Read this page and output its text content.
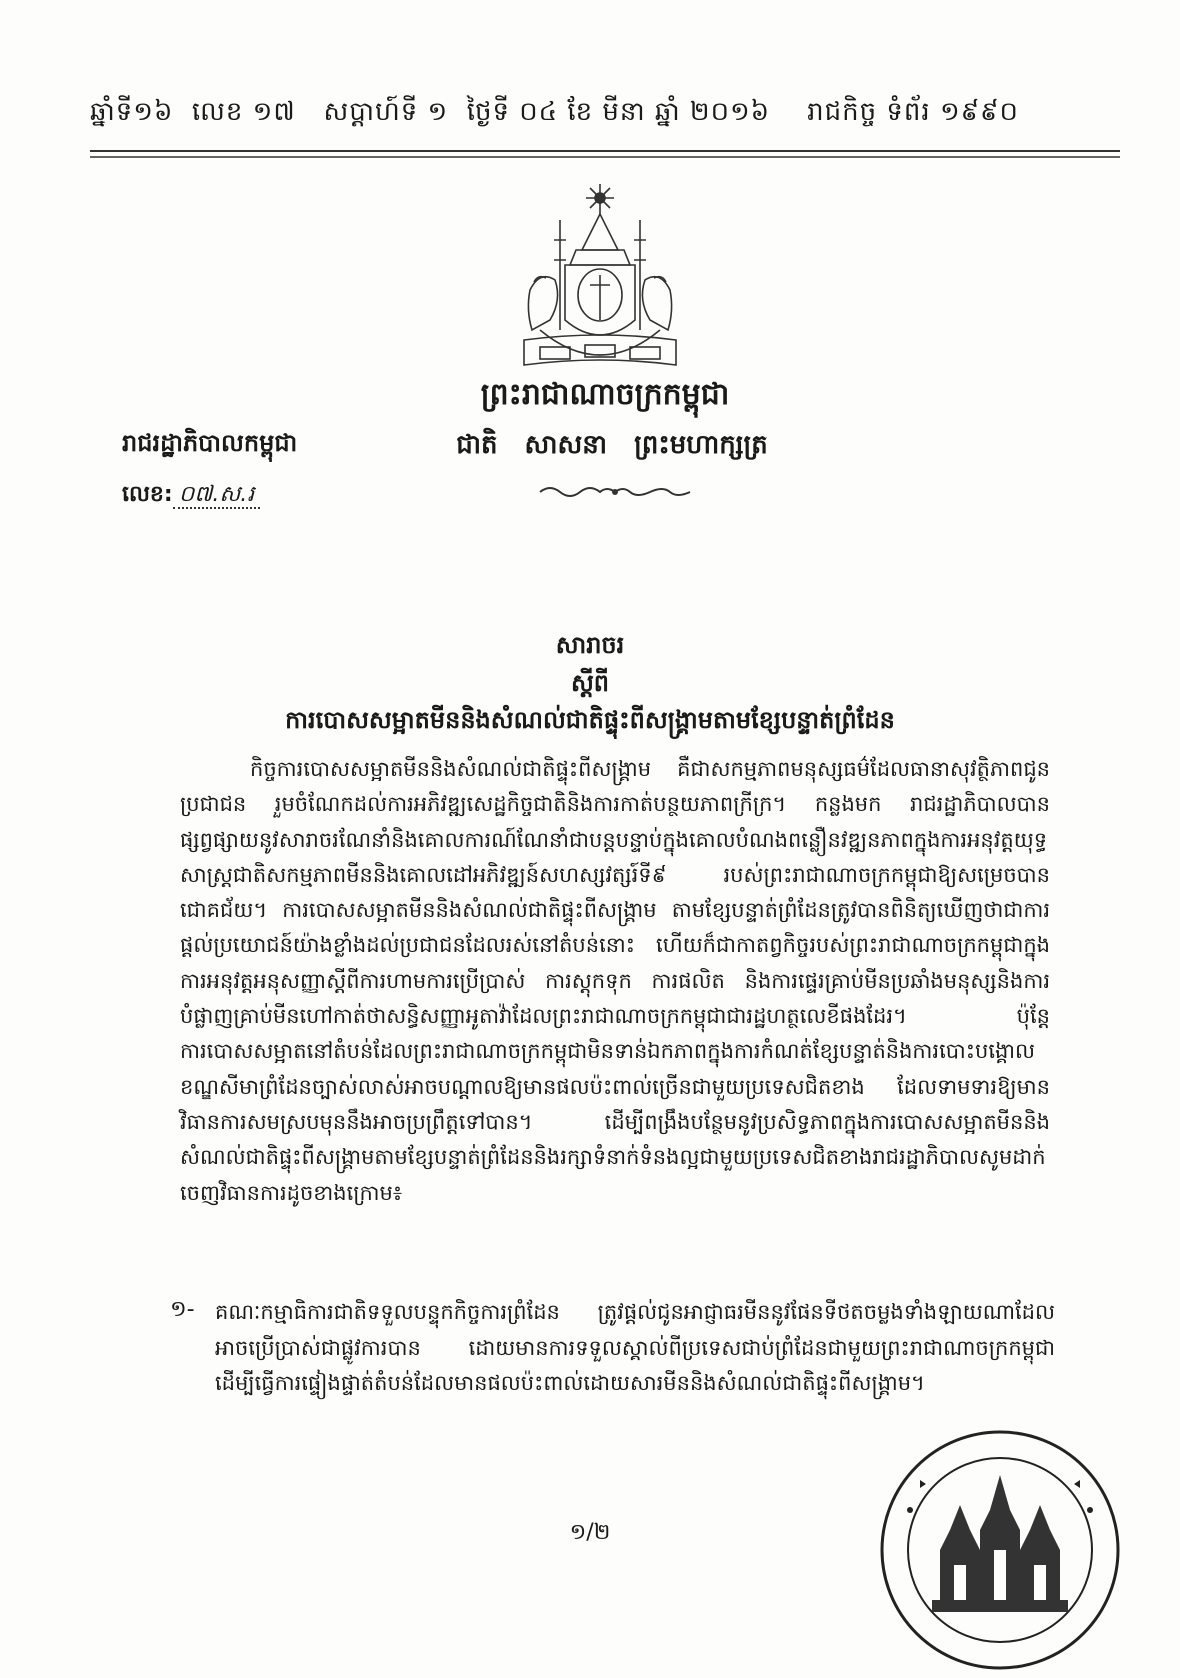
ឆ្នាំទី១៦ លេខ ១៧ សប្ដាហ៍ទី ១ ថ្ងៃទី ០៤ ខែ មីនា ឆ្នាំ ២០១៦ រាជកិច្ច ទំព័រ ១៩៩០
ព្រះរាជាណាចក្រកម្ពុជា
ជាតិ សាសនា ព្រះមហាក្សត្រ
រាជរដ្ឋាភិបាលកម្ពុជា
លេខ: ០៧.ស.រ
សារាចរ
ស្ដីពី
ការបោសសម្អាតមីននិងសំណល់ជាតិផ្ទុះពីសង្គ្រាមតាមខ្សែបន្ទាត់ព្រំដែន
កិច្ចការបោសសម្អាតមីននិងសំណល់ជាតិផ្ទុះពីសង្គ្រាម គឺជាសកម្មភាពមនុស្សធម៌ដែលធានាសុវត្ថិភាពជូនប្រជាជន រួមចំណែកដល់ការអភិវឌ្ឍសេដ្ឋកិច្ចជាតិនិងការកាត់បន្ថយភាពក្រីក្រ។ កន្លងមក រាជរដ្ឋាភិបាលបានផ្សព្វផ្សាយនូវសារាចរណែនាំនិងគោលការណ៍ណែនាំជាបន្តបន្ទាប់ក្នុងគោលបំណងពន្លឿនវឌ្ឍនភាពក្នុងការអនុវត្តយុទ្ធសាស្ត្រជាតិសកម្មភាពមីននិងគោលដៅអភិវឌ្ឍន៍សហស្សវត្សរ៍ទី៩ របស់ព្រះរាជាណាចក្រកម្ពុជាឱ្យសម្រេចបានជោគជ័យ។ ការបោសសម្អាតមីននិងសំណល់ជាតិផ្ទុះពីសង្គ្រាម តាមខ្សែបន្ទាត់ព្រំដែនត្រូវបានពិនិត្យឃើញថាជាការផ្ដល់ប្រយោជន៍យ៉ាងខ្លាំងដល់ប្រជាជនដែលរស់នៅតំបន់នោះ ហើយក៏ជាកាតព្វកិច្ចរបស់ព្រះរាជាណាចក្រកម្ពុជាក្នុងការអនុវត្តអនុសញ្ញាស្ដីពីការហាមការប្រើប្រាស់ ការស្តុកទុក ការផលិត និងការផ្ទេរគ្រាប់មីនប្រឆាំងមនុស្សនិងការបំផ្លាញគ្រាប់មីនហៅកាត់ថាសន្ធិសញ្ញាអូតាវ៉ាដែលព្រះរាជាណាចក្រកម្ពុជាជារដ្ឋហត្ថលេខីផងដែរ។ ប៉ុន្តែការបោសសម្អាតនៅតំបន់ដែលព្រះរាជាណាចក្រកម្ពុជាមិនទាន់ឯកភាពក្នុងការកំណត់ខ្សែបន្ទាត់និងការបោះបង្គោលខណ្ឌសីមាព្រំដែនច្បាស់លាស់អាចបណ្ដាលឱ្យមានផលប៉ះពាល់ច្រើនជាមួយប្រទេសជិតខាង ដែលទាមទារឱ្យមានវិធានការសមស្របមុននឹងអាចប្រព្រឹត្តទៅបាន។ ដើម្បីពង្រឹងបន្ថែមនូវប្រសិទ្ធភាពក្នុងការបោសសម្អាតមីននិងសំណល់ជាតិផ្ទុះពីសង្គ្រាមតាមខ្សែបន្ទាត់ព្រំដែននិងរក្សាទំនាក់ទំនងល្អជាមួយប្រទេសជិតខាងរាជរដ្ឋាភិបាលសូមដាក់ចេញវិធានការដូចខាងក្រោម៖
១- គណៈកម្មាធិការជាតិទទួលបន្ទុកកិច្ចការព្រំដែន ត្រូវផ្ដល់ជូនអាជ្ញាធរមីននូវផែនទីថតចម្លងទាំងឡាយណាដែលអាចប្រើប្រាស់ជាផ្លូវការបាន ដោយមានការទទួលស្គាល់ពីប្រទេសជាប់ព្រំដែនជាមួយព្រះរាជាណាចក្រកម្ពុជា ដើម្បីធ្វើការផ្ទៀងផ្ទាត់តំបន់ដែលមានផលប៉ះពាល់ដោយសារមីននិងសំណល់ជាតិផ្ទុះពីសង្គ្រាម។
១/២
